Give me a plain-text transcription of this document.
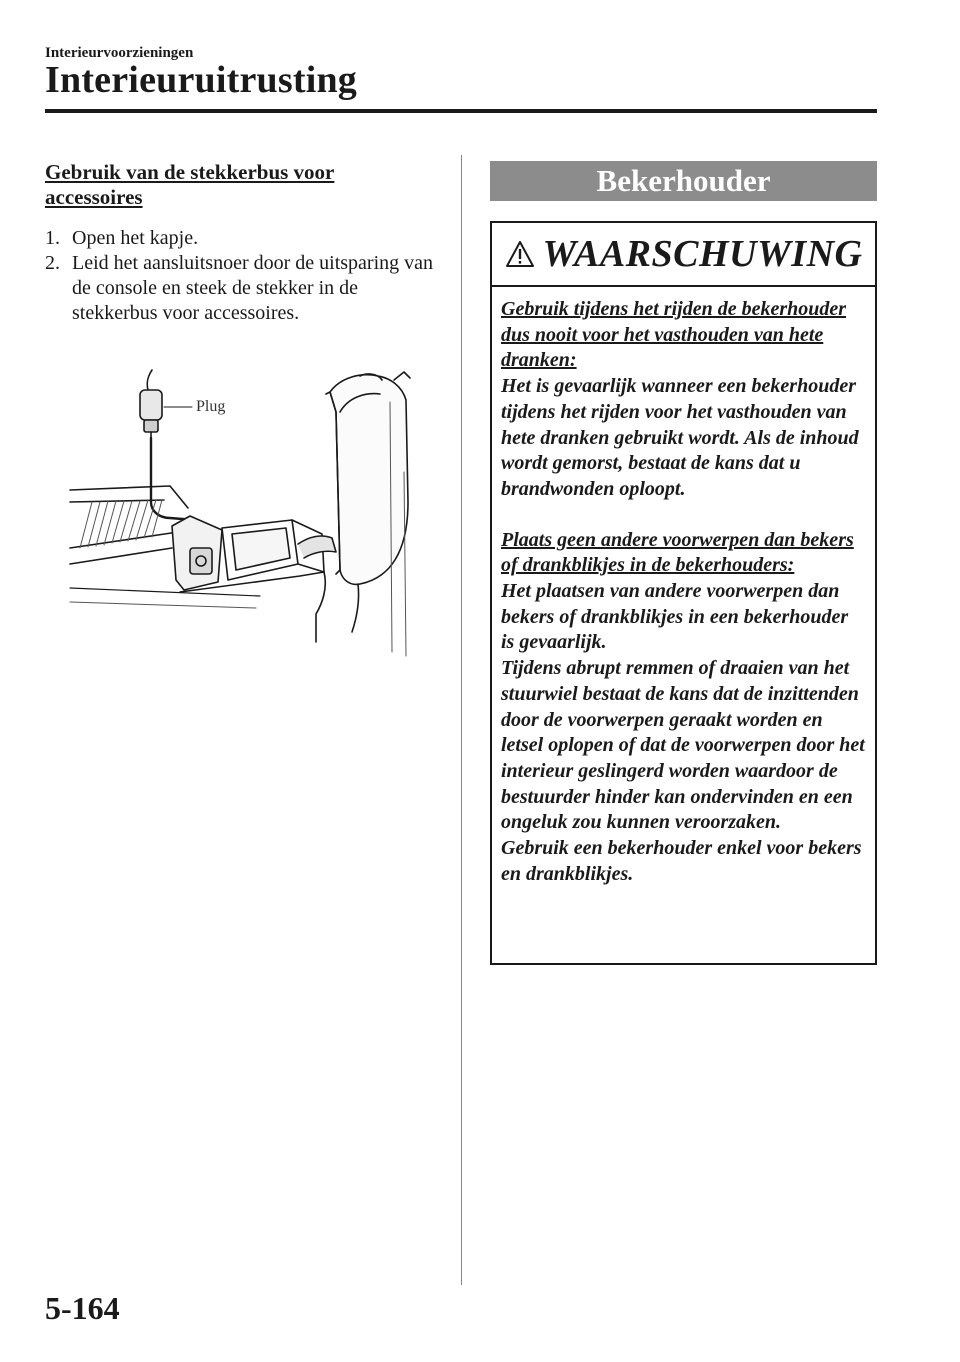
Interieurvoorzieningen
Interieuruitrusting
Gebruik van de stekkerbus voor accessoires
1. Open het kapje.
2. Leid het aansluitsnoer door de uitsparing van de console en steek de stekker in de stekkerbus voor accessoires.
Plug
Bekerhouder
WAARSCHUWING

Gebruik tijdens het rijden de bekerhouder dus nooit voor het vasthouden van hete dranken:

Het is gevaarlijk wanneer een bekerhouder tijdens het rijden voor het vasthouden van hete dranken gebruikt wordt. Als de inhoud wordt gemorst, bestaat de kans dat u brandwonden oploopt.

Plaats geen andere voorwerpen dan bekers of drankblikjes in de bekerhouders:

Het plaatsen van andere voorwerpen dan bekers of drankblikjes in een bekerhouder is gevaarlijk.

Tijdens abrupt remmen of draaien van het stuurwiel bestaat de kans dat de inzittenden door de voorwerpen geraakt worden en letsel oplopen of dat de voorwerpen door het interieur geslingerd worden waardoor de bestuurder hinder kan ondervinden en een ongeluk zou kunnen veroorzaken.

Gebruik een bekerhouder enkel voor bekers en drankblikjes.

5-164
